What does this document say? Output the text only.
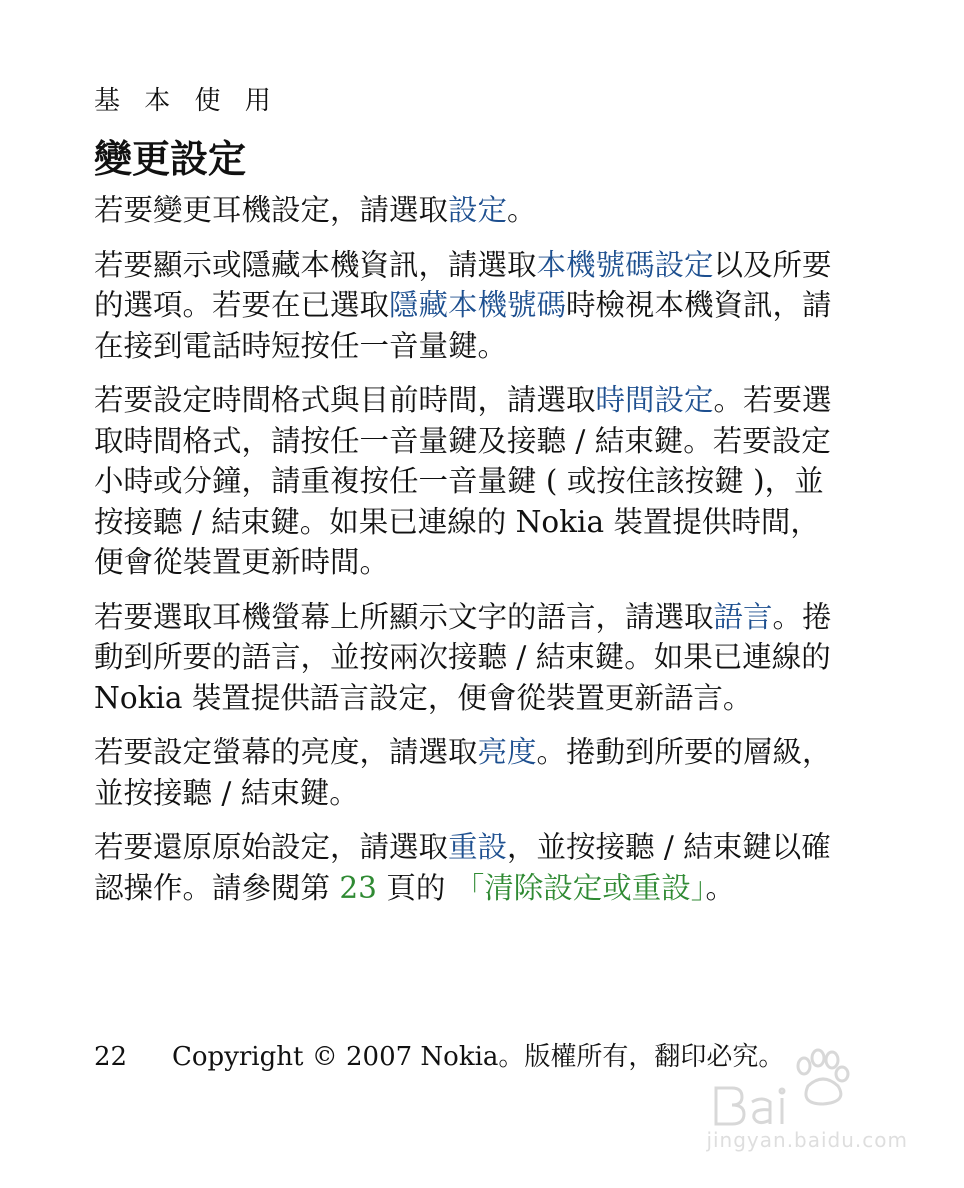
基 本 使 用
變更設定

若要變更耳機設定，請選取設定。

若要顯示或隱藏本機資訊，請選取本機號碼設定以及所要的選項。若要在已選取隱藏本機號碼時檢視本機資訊，請在接到電話時短按任一音量鍵。

若要設定時間格式與目前時間，請選取時間設定。若要選取時間格式，請按任一音量鍵及接聽 / 結束鍵。若要設定小時或分鐘，請重複按任一音量鍵 ( 或按住該按鍵 )，並按接聽 / 結束鍵。如果已連線的 Nokia 裝置提供時間，便會從裝置更新時間。

若要選取耳機螢幕上所顯示文字的語言，請選取語言。捲動到所要的語言，並按兩次接聽 / 結束鍵。如果已連線的 Nokia 裝置提供語言設定，便會從裝置更新語言。

若要設定螢幕的亮度，請選取亮度。捲動到所要的層級，並按接聽 / 結束鍵。

若要還原原始設定，請選取重設，並按接聽 / 結束鍵以確認操作。請參閱第 23 頁的 「清除設定或重設」。

22 Copyright © 2007 Nokia。版權所有，翻印必究。
jingyan.baidu.com
